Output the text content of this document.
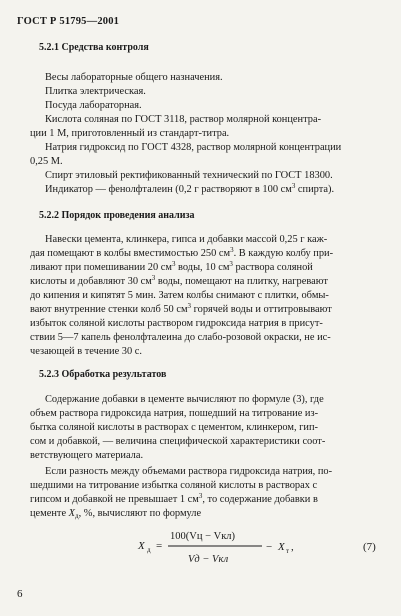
ГОСТ Р 51795—2001
5.2.1 Средства контроля
Весы лабораторные общего назначения.
Плитка электрическая.
Посуда лабораторная.
Кислота соляная по ГОСТ 3118, раствор молярной концентра-
ции 1 М, приготовленный из стандарт-титра.
Натрия гидроксид по ГОСТ 4328, раствор молярной концентрации
0,25 М.
Спирт этиловый ректификованный технический по ГОСТ 18300.
Индикатор — фенолфталеин (0,2 г растворяют в 100 $см^3$ спирта).
5.2.2 Порядок проведения анализа
Навески цемента, клинкера, гипса и добавки массой 0,25 г каж-
дая помещают в колбы вместимостью 250 $см^3$. В каждую колбу при-
ливают при помешивании 20 $см^3$ воды, 10 $см^3$ раствора соляной
кислоты и добавляют 30 $см^3$ воды, помещают на плитку, нагревают
до кипения и кипятят 5 мин. Затем колбы снимают с плитки, обмы-
вают внутренние стенки колб 50 $см^3$ горячей воды и оттитровывают
избыток соляной кислоты раствором гидроксида натрия в присут-
ствии 5—7 капель фенолфталеина до слабо-розовой окраски, не ис-
чезающей в течение 30 с.
5.2.3 Обработка результатов
Содержание добавки в цементе вычисляют по формуле (3), где
объем раствора гидроксида натрия, пошедший на титрование из-
бытка соляной кислоты в растворах с цементом, клинкером, гип-
сом и добавкой, — величина специфической характеристики соот-
ветствующего материала.
Если разность между объемами раствора гидроксида натрия, по-
шедшими на титрование избытка соляной кислоты в растворах с
гипсом и добавкой не превышает 1 $см^3$, то содержание добавки в
цементе $X_д$, %, вычисляют по формуле
X д =
100(Vц − Vкл)
Vд − Vкл
− X т ,	(7)
6
